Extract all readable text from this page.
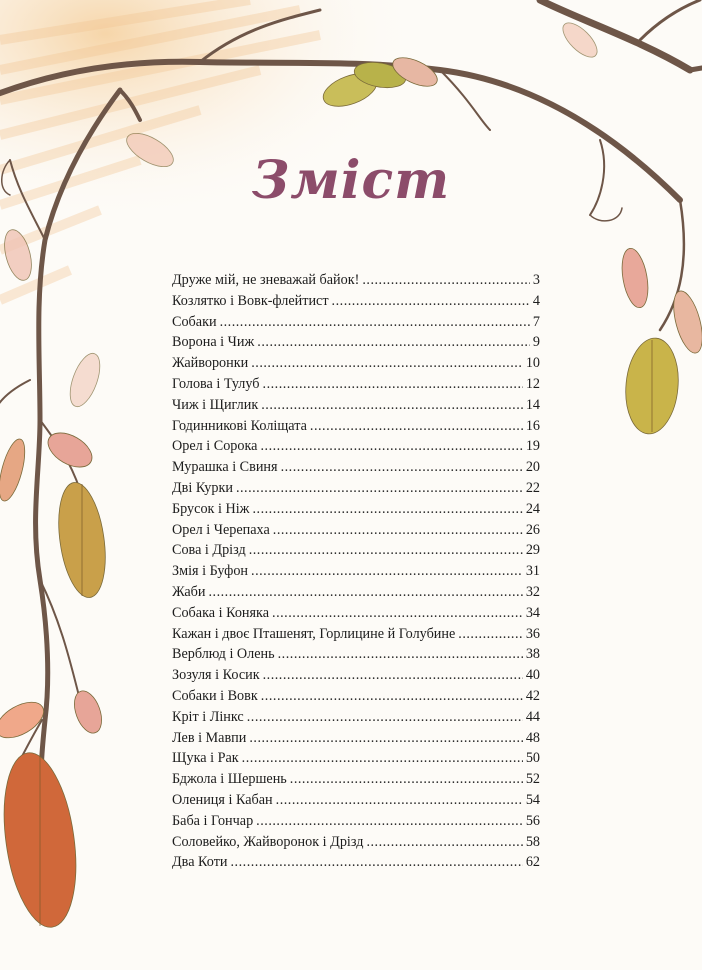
Зміст
Друже мій, не зневажай байок! .....	3
Козлятко і Вовк-флейтист .....	4
Собаки .....	7
Ворона і Чиж .....	9
Жайворонки .....	10
Голова і Тулуб .....	12
Чиж і Щиглик .....	14
Годинникові Коліщата .....	16
Орел і Сорока .....	19
Мурашка і Свиня .....	20
Дві Курки .....	22
Брусок і Ніж .....	24
Орел і Черепаха .....	26
Сова і Дрізд .....	29
Змія і Буфон .....	31
Жаби .....	32
Собака і Коняка .....	34
Кажан і двоє Пташенят, Горлицине й Голубине .....	36
Верблюд і Олень .....	38
Зозуля і Косик .....	40
Собаки і Вовк .....	42
Кріт і Лінкс .....	44
Лев і Мавпи .....	48
Щука і Рак .....	50
Бджола і Шершень .....	52
Олениця і Кабан .....	54
Баба і Гончар .....	56
Соловейко, Жайворонок і Дрізд .....	58
Два Коти .....	62
